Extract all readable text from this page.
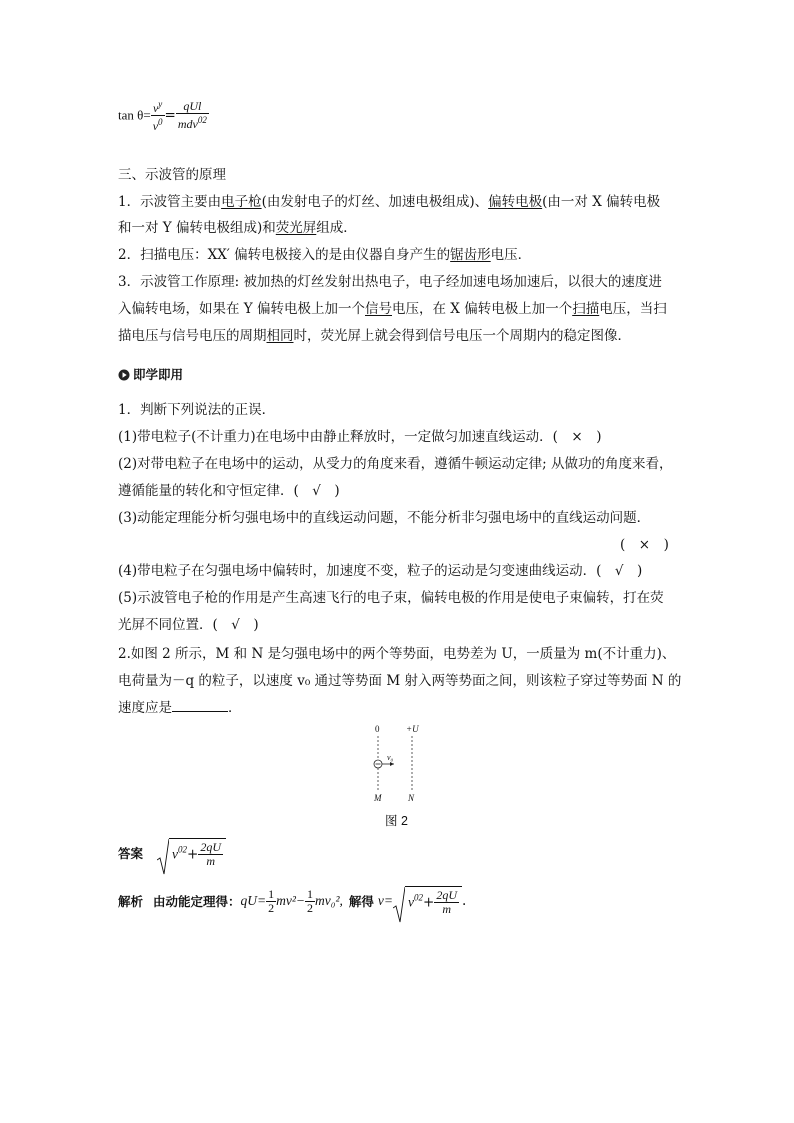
$\tan \theta= \frac{v^y}{v^0} = \frac{\text{qUl}}{mdv^{02}}$
三、示波管的原理
1．示波管主要由电子枪(由发射电子的灯丝、加速电极组成)、偏转电极(由一对 X 偏转电极
和一对 Y 偏转电极组成)和荧光屏组成．
2．扫描电压：XX′ 偏转电极接入的是由仪器自身产生的锯齿形电压．
3．示波管工作原理: 被加热的灯丝发射出热电子，电子经加速电场加速后，以很大的速度进
入偏转电场，如果在 Y 偏转电极上加一个信号电压，在 X 偏转电极上加一个扫描电压，当扫
描电压与信号电压的周期相同时，荧光屏上就会得到信号电压一个周期内的稳定图像．
即学即用
1．判断下列说法的正误．
(1)带电粒子(不计重力)在电场中由静止释放时，一定做匀加速直线运动．(　×　)
(2)对带电粒子在电场中的运动，从受力的角度来看，遵循牛顿运动定律; 从做功的角度来看，
遵循能量的转化和守恒定律．(　√　)
(3)动能定理能分析匀强电场中的直线运动问题，不能分析非匀强电场中的直线运动问题．
(　×　)
(4)带电粒子在匀强电场中偏转时，加速度不变，粒子的运动是匀变速曲线运动．(　√　)
(5)示波管电子枪的作用是产生高速飞行的电子束，偏转电极的作用是使电子束偏转，打在荧
光屏不同位置．(　√　)
2.如图 2 所示，M 和 N 是匀强电场中的两个等势面，电势差为 U，一质量为 m(不计重力)、
电荷量为－q 的粒子，以速度 v₀ 通过等势面 M 射入两等势面之间，则该粒子穿过等势面 N 的
速度应是	．
0	+U
v₀
M	N
图 2
答案 $v^{02}+ \frac{2qU}{m}$
解析 由动能定理得：$qU= \frac{1}{2} mv^2- \frac{1}{2} mv_0^2$, 解得 $v= v^{02}+ \frac{2qU}{m}$ .
